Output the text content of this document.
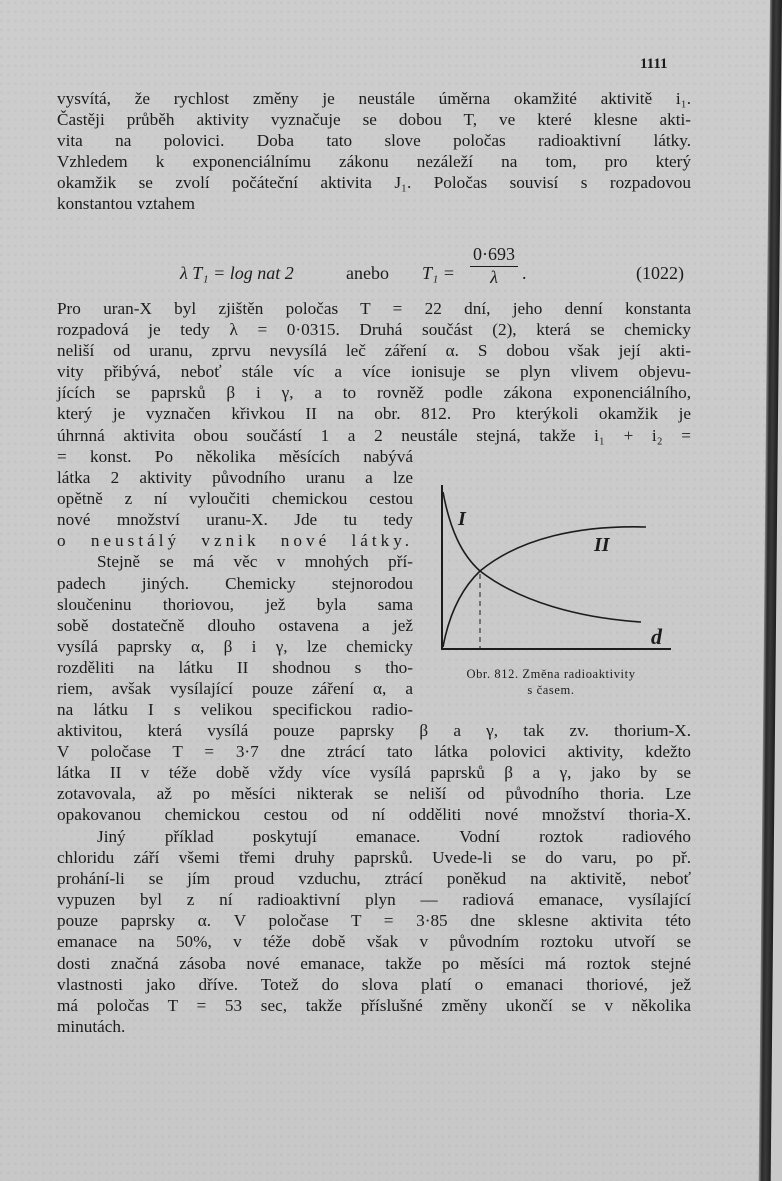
1111
vysvítá, že rychlost změny je neustále úměrna okamžité aktivitě i₁.
Častěji průběh aktivity vyznačuje se dobou T, ve které klesne akti-
vita na polovici. Doba tato slove poločas radioaktivní látky.
Vzhledem k exponenciálnímu zákonu nezáleží na tom, pro který
okamžik se zvolí počáteční aktivita J₁. Poločas souvisí s rozpadovou
konstantou vztahem
λ T₁ = log nat 2	anebo $T_1 = \frac{0\cdot 693}{\lambda}$ .	(1022)
Pro uran-X byl zjištěn poločas T = 22 dní, jeho denní konstanta
rozpadová je tedy λ = 0·0315. Druhá součást (2), která se chemicky
neliší od uranu, zprvu nevysílá leč záření α. S dobou však její akti-
vity přibývá, neboť stále víc a více ionisuje se plyn vlivem objevu-
jících se paprsků β i γ, a to rovněž podle zákona exponenciálního,
který je vyznačen křivkou II na obr. 812. Pro kterýkoli okamžik je
úhrnná aktivita obou součástí 1 a 2 neustále stejná, takže i₁ + i₂ =
= konst. Po několika měsících nabývá
látka 2 aktivity původního uranu a lze
opětně z ní vyloučiti chemickou cestou
nové množství uranu-X. Jde tu tedy
o neustálý vznik nové látky.
Stejně se má věc v mnohých pří-
padech jiných. Chemicky stejnorodou
sloučeninu thoriovou, jež byla sama
sobě dostatečně dlouho ostavena a jež
vysílá paprsky α, β i γ, lze chemicky
rozděliti na látku II shodnou s tho-
riem, avšak vysílající pouze záření α, a
na látku I s velikou specifickou radio-
I
II
d
Obr. 812. Změna radioaktivity
s časem.
aktivitou, která vysílá pouze paprsky β a γ, tak zv. thorium-X.
V poločase T = 3·7 dne ztrácí tato látka polovici aktivity, kdežto
látka II v téže době vždy více vysílá paprsků β a γ, jako by se
zotavovala, až po měsíci nikterak se neliší od původního thoria. Lze
opakovanou chemickou cestou od ní odděliti nové množství thoria-X.
Jiný příklad poskytují emanace. Vodní roztok radiového
chloridu září všemi třemi druhy paprsků. Uvede-li se do varu, po př.
prohání-li se jím proud vzduchu, ztrácí poněkud na aktivitě, neboť
vypuzen byl z ní radioaktivní plyn — radiová emanace, vysílající
pouze paprsky α. V poločase T = 3·85 dne sklesne aktivita této
emanace na 50%, v téže době však v původním roztoku utvoří se
dosti značná zásoba nové emanace, takže po měsíci má roztok stejné
vlastnosti jako dříve. Totež do slova platí o emanaci thoriové, jež
má poločas T = 53 sec, takže příslušné změny ukončí se v několika
minutách.
